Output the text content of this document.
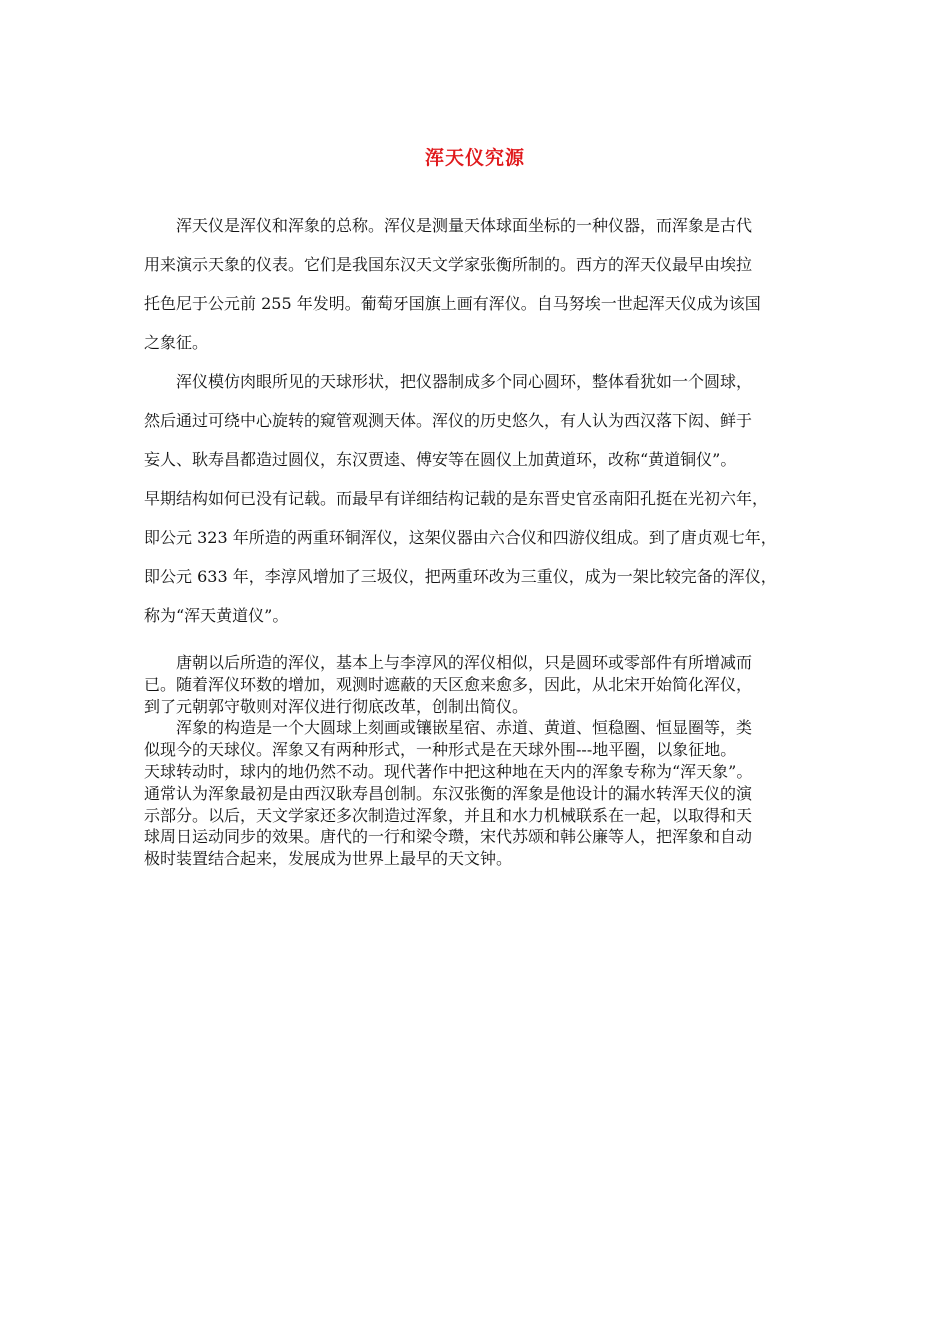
浑天仪究源

浑天仪是浑仪和浑象的总称。浑仪是测量天体球面坐标的一种仪器，而浑象是古代
用来演示天象的仪表。它们是我国东汉天文学家张衡所制的。西方的浑天仪最早由埃拉
托色尼于公元前 255 年发明。葡萄牙国旗上画有浑仪。自马努埃一世起浑天仪成为该国
之象征。

浑仪模仿肉眼所见的天球形状，把仪器制成多个同心圆环，整体看犹如一个圆球，
然后通过可绕中心旋转的窥管观测天体。浑仪的历史悠久，有人认为西汉落下闳、鲜于
妄人、耿寿昌都造过圆仪，东汉贾逵、傅安等在圆仪上加黄道环，改称“黄道铜仪”。
早期结构如何已没有记载。而最早有详细结构记载的是东晋史官丞南阳孔挺在光初六年，
即公元 323 年所造的两重环铜浑仪，这架仪器由六合仪和四游仪组成。到了唐贞观七年，
即公元 633 年，李淳风增加了三圾仪，把两重环改为三重仪，成为一架比较完备的浑仪，
称为“浑天黄道仪”。

唐朝以后所造的浑仪，基本上与李淳风的浑仪相似，只是圆环或零部件有所增减而
已。随着浑仪环数的增加，观测时遮蔽的天区愈来愈多，因此，从北宋开始简化浑仪，
到了元朝郭守敬则对浑仪进行彻底改革，创制出简仪。

浑象的构造是一个大圆球上刻画或镶嵌星宿、赤道、黄道、恒稳圈、恒显圈等，类
似现今的天球仪。浑象又有两种形式，一种形式是在天球外围---地平圈，以象征地。
天球转动时，球内的地仍然不动。现代著作中把这种地在天内的浑象专称为“浑天象”。
通常认为浑象最初是由西汉耿寿昌创制。东汉张衡的浑象是他设计的漏水转浑天仪的演
示部分。以后，天文学家还多次制造过浑象，并且和水力机械联系在一起，以取得和天
球周日运动同步的效果。唐代的一行和梁令瓒，宋代苏颂和韩公廉等人，把浑象和自动
极时装置结合起来，发展成为世界上最早的天文钟。
